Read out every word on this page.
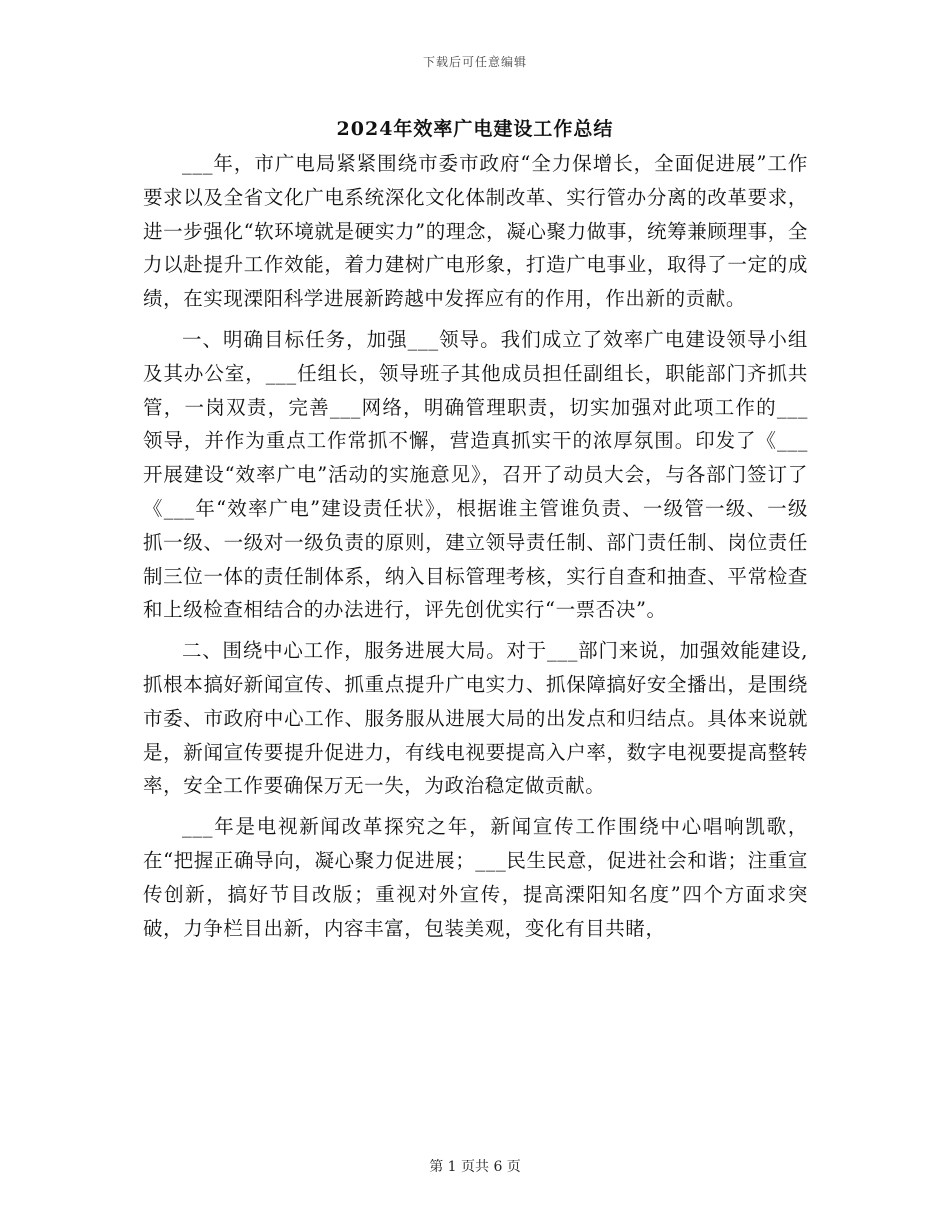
下载后可任意编辑
2024年效率广电建设工作总结

___年，市广电局紧紧围绕市委市政府“全力保增长，全面促进展”工作要求以及全省文化广电系统深化文化体制改革、实行管办分离的改革要求，进一步强化“软环境就是硬实力”的理念，凝心聚力做事，统筹兼顾理事，全力以赴提升工作效能，着力建树广电形象，打造广电事业，取得了一定的成绩，在实现溧阳科学进展新跨越中发挥应有的作用，作出新的贡献。

一、明确目标任务，加强___领导。我们成立了效率广电建设领导小组及其办公室，___任组长，领导班子其他成员担任副组长，职能部门齐抓共管，一岗双责，完善___网络，明确管理职责，切实加强对此项工作的___领导，并作为重点工作常抓不懈，营造真抓实干的浓厚氛围。印发了《___开展建设“效率广电”活动的实施意见》，召开了动员大会，与各部门签订了《___年“效率广电”建设责任状》，根据谁主管谁负责、一级管一级、一级抓一级、一级对一级负责的原则，建立领导责任制、部门责任制、岗位责任制三位一体的责任制体系，纳入目标管理考核，实行自查和抽查、平常检查和上级检查相结合的办法进行，评先创优实行“一票否决”。

二、围绕中心工作，服务进展大局。对于___部门来说，加强效能建设,抓根本搞好新闻宣传、抓重点提升广电实力、抓保障搞好安全播出，是围绕市委、市政府中心工作、服务服从进展大局的出发点和归结点。具体来说就是，新闻宣传要提升促进力，有线电视要提高入户率，数字电视要提高整转率，安全工作要确保万无一失，为政治稳定做贡献。

___年是电视新闻改革探究之年，新闻宣传工作围绕中心唱响凯歌，在“把握正确导向，凝心聚力促进展；___民生民意，促进社会和谐；注重宣传创新，搞好节目改版；重视对外宣传，提高溧阳知名度”四个方面求突破，力争栏目出新，内容丰富，包装美观，变化有目共睹，

第 1 页共 6 页
